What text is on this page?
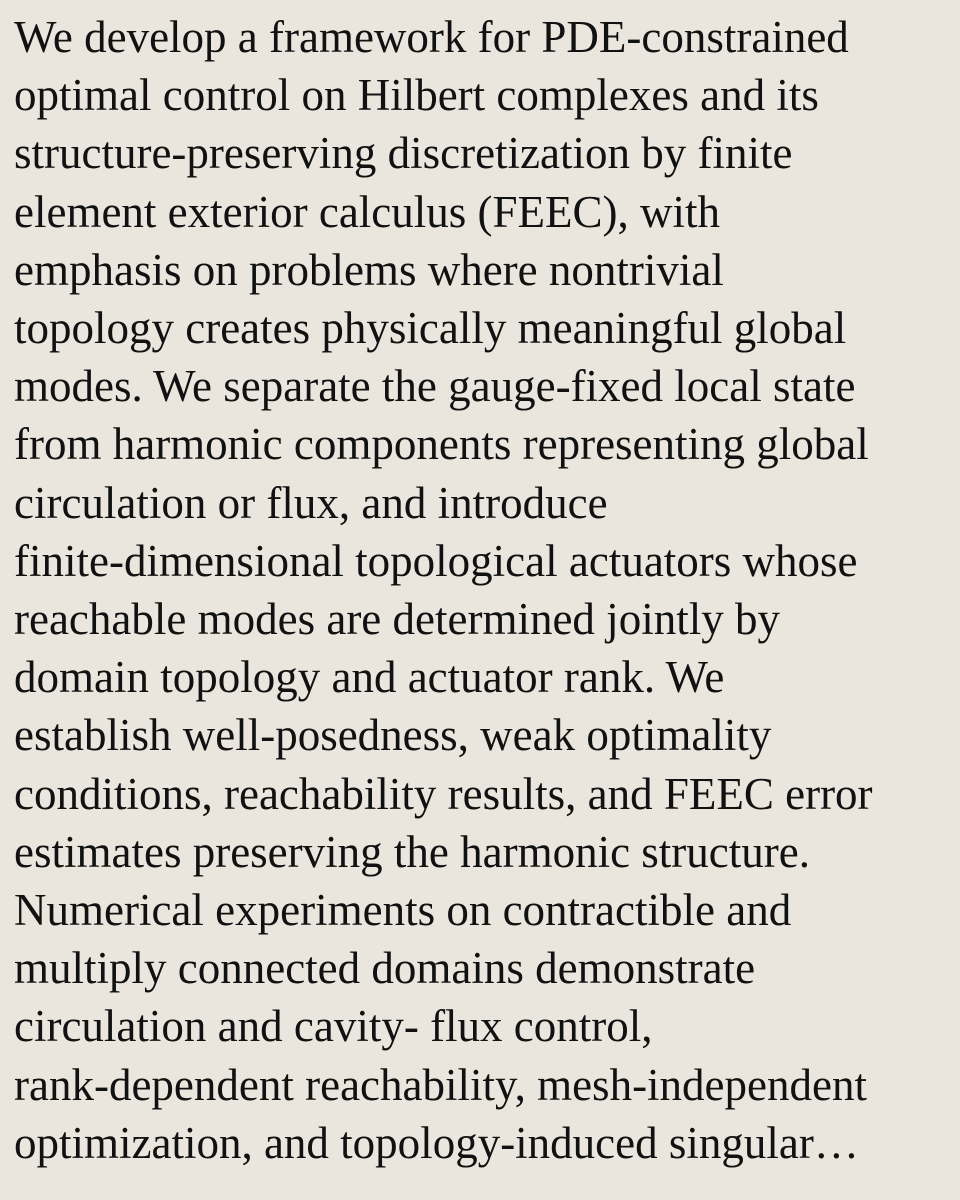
We develop a framework for PDE-constrained
optimal control on Hilbert complexes and its
structure-preserving discretization by finite
element exterior calculus (FEEC), with
emphasis on problems where nontrivial
topology creates physically meaningful global
modes. We separate the gauge-fixed local state
from harmonic components representing global
circulation or flux, and introduce
finite-dimensional topological actuators whose
reachable modes are determined jointly by
domain topology and actuator rank. We
establish well-posedness, weak optimality
conditions, reachability results, and FEEC error
estimates preserving the harmonic structure.
Numerical experiments on contractible and
multiply connected domains demonstrate
circulation and cavity- flux control,
rank-dependent reachability, mesh-independent
optimization, and topology-induced singular…
